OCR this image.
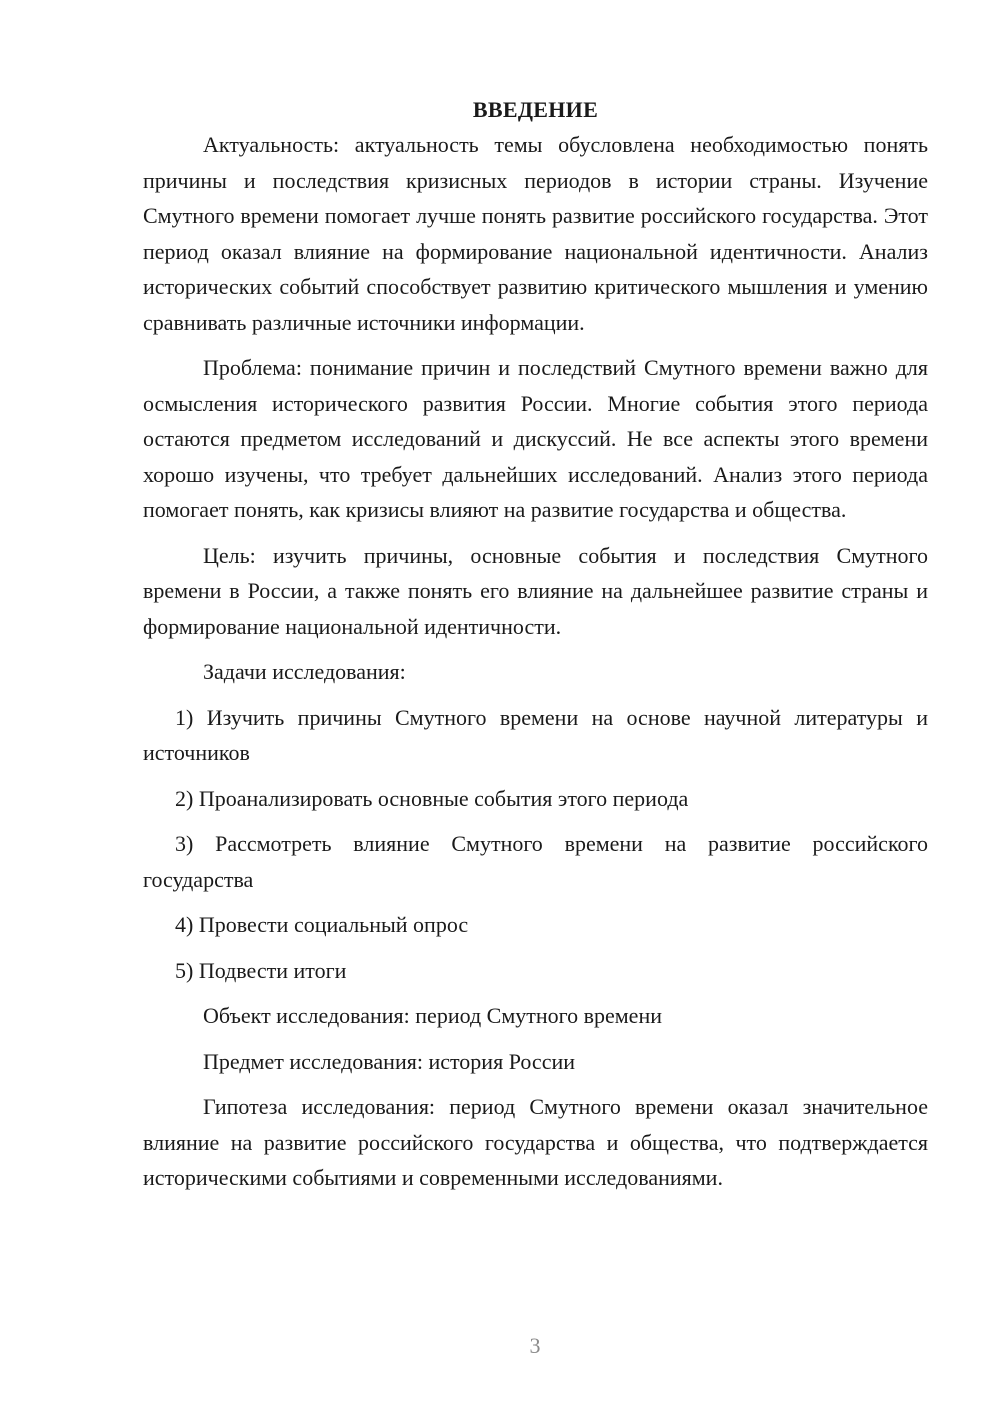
ВВЕДЕНИЕ

Актуальность: актуальность темы обусловлена необходимостью понять причины и последствия кризисных периодов в истории страны. Изучение Смутного времени помогает лучше понять развитие российского государства. Этот период оказал влияние на формирование национальной идентичности. Анализ исторических событий способствует развитию критического мышления и умению сравнивать различные источники информации.

Проблема: понимание причин и последствий Смутного времени важно для осмысления исторического развития России. Многие события этого периода остаются предметом исследований и дискуссий. Не все аспекты этого времени хорошо изучены, что требует дальнейших исследований. Анализ этого периода помогает понять, как кризисы влияют на развитие государства и общества.

Цель: изучить причины, основные события и последствия Смутного времени в России, а также понять его влияние на дальнейшее развитие страны и формирование национальной идентичности.

Задачи исследования:

1) Изучить причины Смутного времени на основе научной литературы и источников

2) Проанализировать основные события этого периода

3) Рассмотреть влияние Смутного времени на развитие российского государства

4) Провести социальный опрос

5) Подвести итоги

Объект исследования: период Смутного времени

Предмет исследования: история России

Гипотеза исследования: период Смутного времени оказал значительное влияние на развитие российского государства и общества, что подтверждается историческими событиями и современными исследованиями.

3
